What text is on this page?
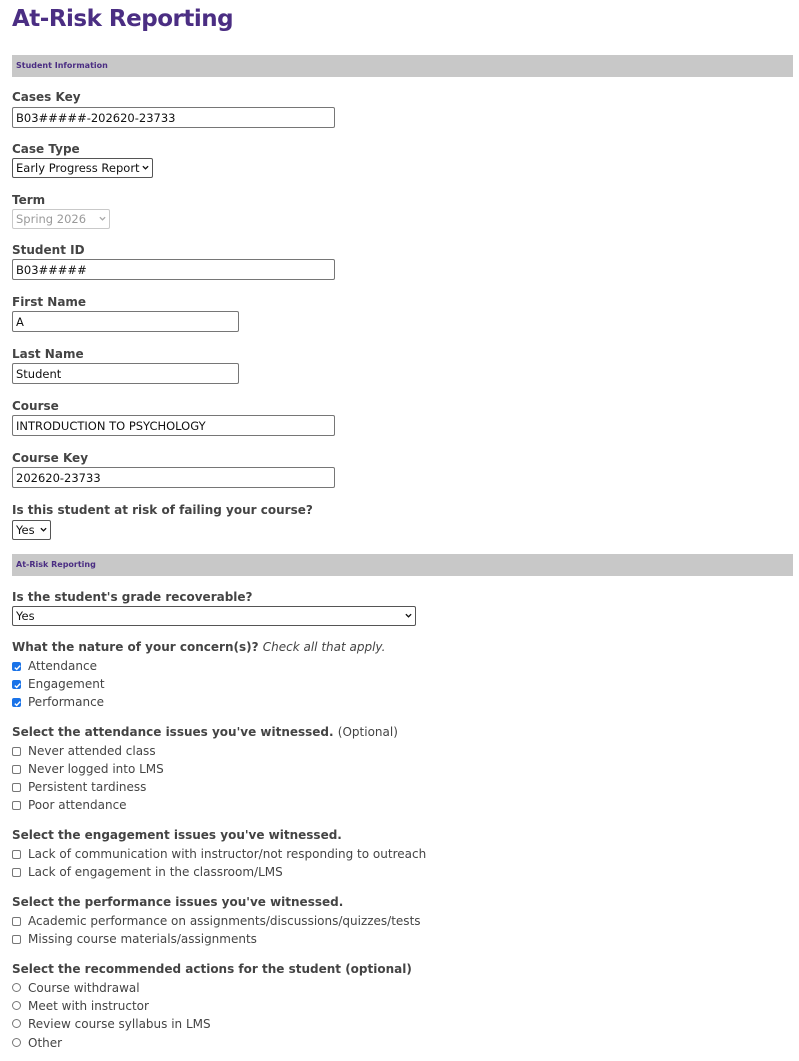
At-Risk Reporting
Student Information
Cases Key
B03#####-202620-23733
Case Type
Early Progress Report
Term
Spring 2026
Student ID
B03#####
First Name
A
Last Name
Student
Course
INTRODUCTION TO PSYCHOLOGY
Course Key
202620-23733
Is this student at risk of failing your course?
Yes
At-Risk Reporting
Is the student's grade recoverable?
Yes
What the nature of your concern(s)? Check all that apply.
Attendance
Engagement
Performance
Select the attendance issues you've witnessed. (Optional)
Never attended class
Never logged into LMS
Persistent tardiness
Poor attendance
Select the engagement issues you've witnessed.
Lack of communication with instructor/not responding to outreach
Lack of engagement in the classroom/LMS
Select the performance issues you've witnessed.
Academic performance on assignments/discussions/quizzes/tests
Missing course materials/assignments
Select the recommended actions for the student (optional)
Course withdrawal
Meet with instructor
Review course syllabus in LMS
Other
